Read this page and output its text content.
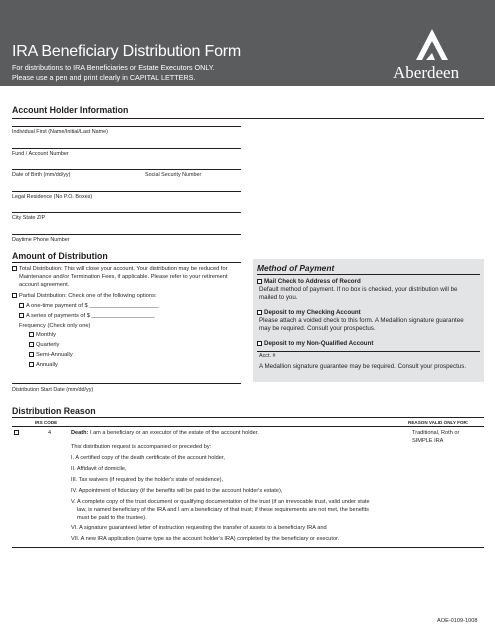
IRA Beneficiary Distribution Form
For distributions to IRA Beneficiaries or Estate Executors ONLY.
Please use a pen and print clearly in CAPITAL LETTERS.	Aberdeen
Account Holder Information
Individual First (Name/Initial/Last Name)
Fund / Account Number
Date of Birth (mm/dd/yy)	Social Security Number
Legal Residence (No P.O. Boxes)
City State ZIP
Daytime Phone Number
Amount of Distribution
Total Distribution: This will close your account. Your distribution may be reduced for
Maintenance and/or Termination Fees, if applicable. Please refer to your retirement
account agreement.
Partial Distribution: Check one of the following options:
A one-time payment of $ ______________________
A series of payments of $ ____________________
Frequency (Check only one)
Monthly
Quarterly
Semi-Annually
Annually
Distribution Start Date (mm/dd/yy)
Method of Payment
Mail Check to Address of Record
Default method of payment. If no box is checked, your distribution will be
mailed to you.
Deposit to my Checking Account
Please attach a voided check to this form. A Medallion signature guarantee
may be required. Consult your prospectus.
Deposit to my Non-Qualified Account
Acct. #
A Medallion signature guarantee may be required. Consult your prospectus.
Distribution Reason
IRS CODE	REASON VALID ONLY FOR:
4	Death: I am a beneficiary or an executor of the estate of the account holder.	Traditional, Roth or
SIMPLE IRA
This distribution request is accompanied or preceded by:
I. A certified copy of the death certificate of the account holder,
II. Affidavit of domicile,
III. Tax waivers (if required by the holder's state of residence),
IV. Appointment of fiduciary (if the benefits will be paid to the account holder's estate),
V. A complete copy of the trust document or qualifying documentation of the trust (if an irrevocable trust, valid under state
law, is named beneficiary of the IRA and I am a beneficiary of that trust; if these requirements are not met, the benefits
must be paid to the trustee).
VI. A signature guaranteed letter of instruction requesting the transfer of assets to a beneficiary IRA and
VII. A new IRA application (same type as the account holder's IRA) completed by the beneficiary or executor.
AOE-0109-1008
